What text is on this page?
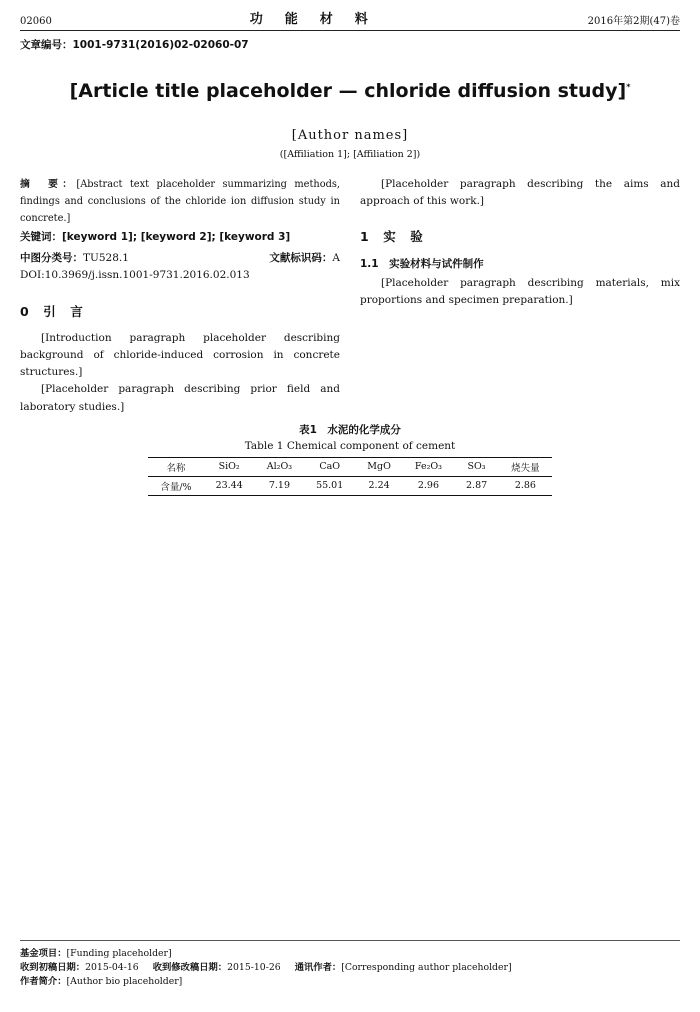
02060	功能材料	2016年第2期(47)卷
文章编号：1001-9731(2016)02-02060-07
[Article title placeholder — chloride diffusion study]*
[Author names]
([Affiliation 1]; [Affiliation 2])
摘　要：[Abstract text placeholder summarizing methods, findings and conclusions of the chloride ion diffusion study in concrete.]
关键词：[keyword 1]; [keyword 2]; [keyword 3]
中图分类号：TU528.1	文献标识码：A
DOI:10.3969/j.issn.1001-9731.2016.02.013
0　引　言

[Introduction paragraph placeholder describing background of chloride-induced corrosion in concrete structures.]

[Placeholder paragraph describing prior field and laboratory studies.]

[Placeholder paragraph describing the aims and approach of this work.]

1　实　验
1.1　实验材料与试件制作

[Placeholder paragraph describing materials, mix proportions and specimen preparation.]

表1　水泥的化学成分
Table 1 Chemical component of cement
名称	SiO₂	Al₂O₃	CaO	MgO	Fe₂O₃	SO₃	烧失量
含量/%	23.44	7.19	55.01	2.24	2.96	2.87	2.86
基金项目： [Funding placeholder]
收到初稿日期： 2015-04-16 收到修改稿日期： 2015-10-26 通讯作者： [Corresponding author placeholder]
作者简介： [Author bio placeholder]
